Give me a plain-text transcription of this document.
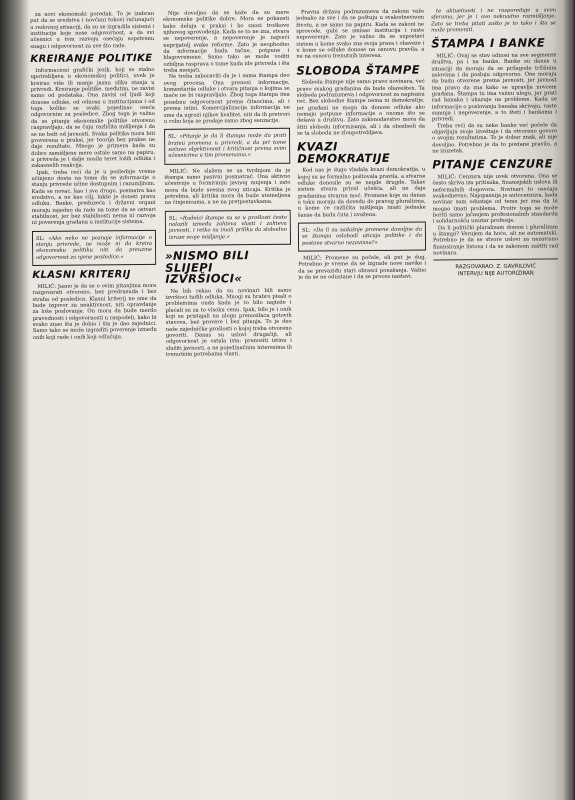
za novi ekonomski poredak. To je izabran put da se sredstva i novčani tokovi računajući u redovnoj situaciji, da su se izgradila sistemi i institucije koje nose odgovornost, a da svi učesnici u tom razvoju osećaju sopstvenu snagu i odgovornost za sve što rade.

KREIRANJE POLITIKE

Informacioni grafički jezik, koji se stalno upotrebljava u ekonomskoj politici, uvek je kreirao više ili manje jasnu sliku stanja u privredi. Kreiranje politike, međutim, ne zavisi samo od podataka. Ona zavisi od ljudi koji donose odluke, od odnosa u institucijama i od toga koliko se svaki pojedinac oseća odgovornim za posledice. Zbog toga je važno da se pitanja ekonomske politike otvoreno raspravljaju, da se čuju različita mišljenja i da se ne beži od javnosti. Svaka politika mora biti proverena u praksi, jer teorija bez prakse ne daje rezultate. Mnogo je primera kada su dobro zamišljene mere ostale samo na papiru, a privreda je i dalje nosila teret loših odluka i zakasnelih reakcija.

Ipak, treba reći da je u poslednje vreme učinjeno dosta na tome da se informacije o stanju privrede učine dostupnim i razumljivim. Kada se novac, kao i sve drugo, posmatra kao sredstvo, a ne kao cilj, lakše je doneti pravu odluku. Banke, preduzeća i državni organi moraju zajedno da rade na tome da se ostvari stabilnost, jer bez stabilnosti nema ni razvoja ni poverenja građana u institucije sistema.

SL: »Ako neko ne poznaje informacije o stanju privrede, ne može ni da kreira ekonomsku politiku niti da preuzme odgovornost za njene posledice.«
KLASNI KRITERIJ

MILIĆ: Jasno je da se o ovim pitanjima mora razgovarati otvoreno, bez predrasuda i bez straha od posledica. Klasni kriterij ne sme da bude izgovor za neaktivnost, niti opravdanje za loše poslovanje. On mora da bude merilo pravednosti i odgovornosti u raspodeli, kako bi svako znao šta je dobio i šta je dao zajednici. Samo tako se može izgraditi poverenje između onih koji rade i onih koji odlučuju.

Nije dovoljno da se kaže da su mere ekonomske politike dobre. Mora se pokazati kako deluju u praksi i ko snosi troškove njihovog sprovođenja. Kada se to ne zna, stvara se nepoverenje, a nepoverenje je najveći neprijatelj svake reforme. Zato je neophodno da informacije budu tačne, potpune i blagovremene. Samo tako se može voditi ozbiljna rasprava o tome kuda ide privreda i šta treba menjati.

Ne treba zaboraviti da je i sama štampa deo ovog procesa. Ona prenosi informacije, komentariše odluke i otvara pitanja o kojima se inače ne bi raspravljalo. Zbog toga štampa ima posebnu odgovornost prema čitaocima, ali i prema istini. Komercijalizacija informacija ne sme da ugrozi njihov kvalitet, niti da ih pretvori u robu koja se prodaje samo zbog senzacije.

SL: »Pitanje je da li štampa može da prati brzinu promena u privredi, a da pri tome sačuva objektivnost i kritičnost prema svim učesnicima u tim promenama.«

MILIĆ: Ne slažem se sa tvrdnjom da je štampa samo pasivni posmatrač. Ona aktivno učestvuje u formiranju javnog mnjenja i zato mora da bude svesna svog uticaja. Kritika je potrebna, ali kritika mora da bude utemeljena na činjenicama, a ne na pretpostavkama.

SL: »Radnici štampe su se u prošlosti često nalazili između zahteva vlasti i zahteva javnosti, i retko su imali priliku da slobodno izraze svoje mišljenje.«
»NISMO BILI SLIJEPI IZVRŠIOCI«

Ne bih rekao da su novinari bili samo izvršioci tuđih odluka. Mnogi su hrabro pisali o problemima onda kada je to bilo najteže i plaćali su za to visoku cenu. Ipak, bilo je i onih koji su pristajali na ulogu prenosilaca gotovih stavova, bez provere i bez pitanja. To je deo naše zajedničke prošlosti o kojoj treba otvoreno govoriti. Danas su uslovi drugačiji, ali odgovornost je ostala ista: prenositi istinu i služiti javnosti, a ne pojedinačnim interesima ili trenutnim potrebama vlasti.

Pravna država podrazumeva da zakoni važe jednako za sve i da se poštuju u svakodnevnom životu, a ne samo na papiru. Kada se zakoni ne sprovode, gubi se smisao institucija i raste nepoverenje. Zato je važno da se uspostavi sistem u kome svako zna svoja prava i obaveze i u kome se odluke donose na osnovu pravila, a ne na osnovu trenutnih interesa.

SLOBODA ŠTAMPE

Sloboda štampe nije samo pravo novinara, već pravo svakog građanina da bude obavešten. Ta sloboda podrazumeva i odgovornost za napisanu reč. Bez slobodne štampe nema ni demokratije, jer građani ne mogu da donose odluke ako nemaju potpune informacije o onome što se dešava u društvu. Zato zakonodavstvo mora da štiti slobodu informisanja, ali i da obezbedi da se ta sloboda ne zloupotrebljava.

KVAZI DEMOKRATIJE

Kod nas je dugo vladala kvazi demokratija, u kojoj su se formalno poštovala pravila, a stvarne odluke donosile su se negde drugde. Takav sistem stvara privid učešća, ali ne daje građanima stvarnu moć. Promene koje su danas u toku moraju da dovedu do pravog pluralizma, u kome će različita mišljenja imati jednake šanse da budu čuta i uvažena.

SL: »Da li su sadašnje promene dovoljne da se štampa oslobodi uticaja politike i da postane stvarno nezavisna?«

MILIĆ: Promene su počele, ali put je dug. Potrebno je vreme da se izgrade nove navike i da se prevaziđu stari obrasci ponašanja. Važno je da se ne odustane i da se proces nastavi.

te aktuelnosti i ne raspoređuje u svim sferama, jer je i ovo naknadno razmišljanje. Zato se treba pitati zašto je to tako i šta se može promeniti.

ŠTAMPA I BANKE

MILIĆ: Ovaj se stav odnosi na sve segmente društva, pa i na banke. Banke su danas u situaciji da moraju da se prilagode tržišnim uslovima i da posluju odgovorno. One moraju da budu otvorene prema javnosti, jer javnost ima pravo da zna kako se upravlja novcem građana. Štampa tu ima važnu ulogu, jer prati rad banaka i ukazuje na probleme. Kada se informacije o poslovanju banaka skrivaju, raste sumnja i nepoverenje, a to šteti i bankama i privredi.

Treba reći da su neke banke već počele da objavljuju svoje izveštaje i da otvoreno govore o svojim rezultatima. To je dobar znak, ali nije dovoljno. Potrebno je da to postane pravilo, a ne izuzetak.

PITANJE CENZURE

MILIĆ: Cenzura nije uvek otvorena. Ona se često skriva iza pritisaka, finansijskih uslova ili neformalnih dogovora. Novinari to osećaju svakodnevno. Najopasnija je autocenzura, kada novinar sam odustaje od teme jer zna da bi mogao imati problema. Protiv toga se može boriti samo jačanjem profesionalnih standarda i solidarnošću unutar profesije.

Da li politički pluralizam donosi i pluralizam u štampi? Verujem da hoće, ali ne automatski. Potrebno je da se stvore uslovi za nezavisno finansiranje listova i da se zakonom zaštiti rad novinara.

RAZGOVARAO: Z. GAVRILOVIĆ
INTERVJU NIJE AUTORIZIRAN
